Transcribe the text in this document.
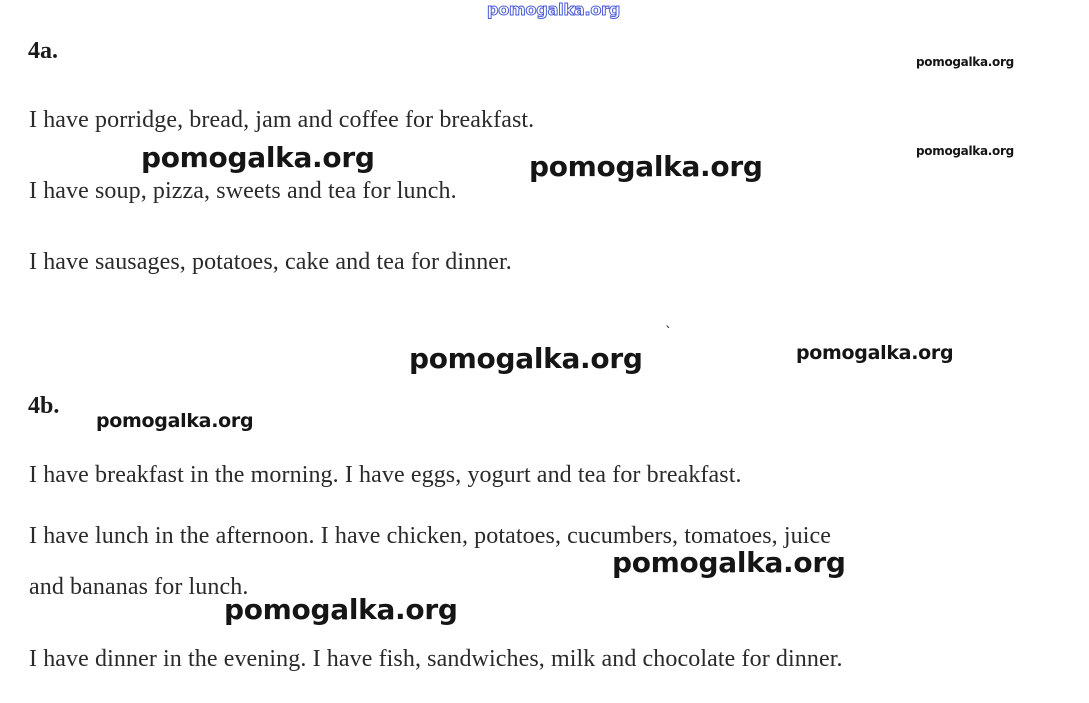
pomogalka.org
4a.
I have porridge, bread, jam and coffee for breakfast.
I have soup, pizza, sweets and tea for lunch.
I have sausages, potatoes, cake and tea for dinner.
4b.
I have breakfast in the morning. I have eggs, yogurt and tea for breakfast.
I have lunch in the afternoon. I have chicken, potatoes, cucumbers, tomatoes, juice
and bananas for lunch.
I have dinner in the evening. I have fish, sandwiches, milk and chocolate for dinner.
pomogalka.org
pomogalka.org
pomogalka.org	pomogalka.org
pomogalka.org	pomogalka.org
pomogalka.org
pomogalka.org
pomogalka.org
`
